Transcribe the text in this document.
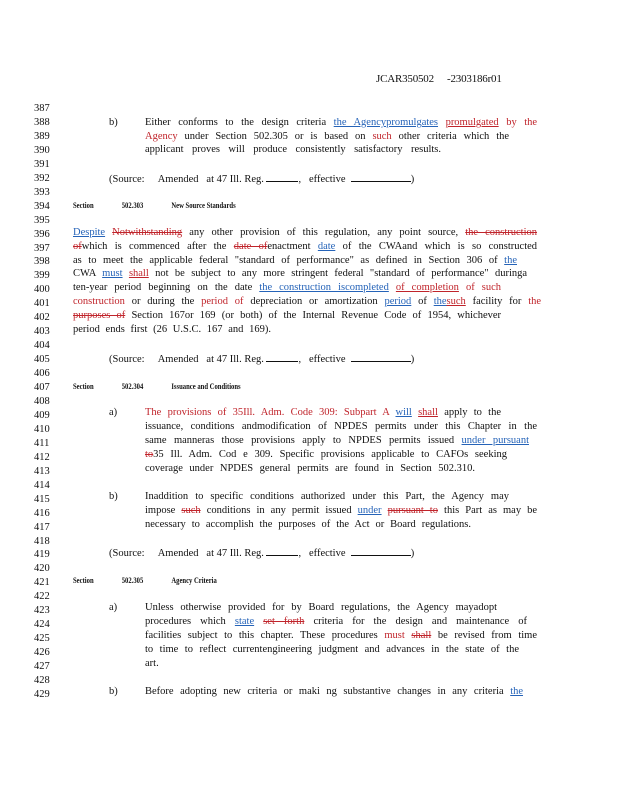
JCAR350502 -2303186r01
387
388
389
390
391
392
393
394
395
396
397
398
399
400
401
402
403
404
405
406
407
408
409
410
411
412
413
414
415
416
417
418
419
420
421
422
423
424
425
426
427
428
429
b)	Either conforms to the design criteria the Agencypromulgates promulgated by the
Agency under Section 502.305 or is based on such other criteria which the
applicant proves will produce consistently satisfactory results.
(Source: Amended at 47 Ill. Reg.	,   effective	)
Section	502.303	New Source Standards
Despite Notwithstanding any other provision of this regulation, any point source, the construction
ofwhich is commenced after the date ofenactment date of the CWAand which is so constructed
as to meet the applicable federal "standard of performance" as defined in Section 306 of the
CWA must shall not be subject to any more stringent federal "standard of performance" duringa
ten-year period beginning on the date the construction iscompleted of completion of such
construction or during the period of depreciation or amortization period of thesuch facility for the
purposes of Section 167or 169 (or both) of the Internal Revenue Code of 1954, whichever
period ends first (26 U.S.C. 167 and 169).
(Source: Amended at 47 Ill. Reg.	,   effective	)
Section	502.304	Issuance and Conditions
a)	The provisions of 35Ill. Adm. Code 309: Subpart A will shall apply to the
issuance, conditions andmodification of NPDES permits under this Chapter in the
same manneras those provisions apply to NPDES permits issued under pursuant
to35 Ill. Adm. Cod e 309. Specific provisions applicable to CAFOs seeking
coverage under NPDES general permits are found in Section 502.310.
b)	Inaddition to specific conditions authorized under this Part, the Agency may
impose such conditions in any permit issued under pursuant to this Part as may be
necessary to accomplish the purposes of the Act or Board regulations.
(Source: Amended at 47 Ill. Reg.	,   effective	)
Section	502.305	Agency Criteria
a)	Unless otherwise provided for by Board regulations, the Agency mayadopt
procedures which state set forth criteria for the design and maintenance of
facilities subject to this chapter. These procedures must shall be revised from time
to time to reflect currentengineering judgment and advances in the state of the
art.
b)	Before adopting new criteria or maki ng substantive changes in any criteria the
